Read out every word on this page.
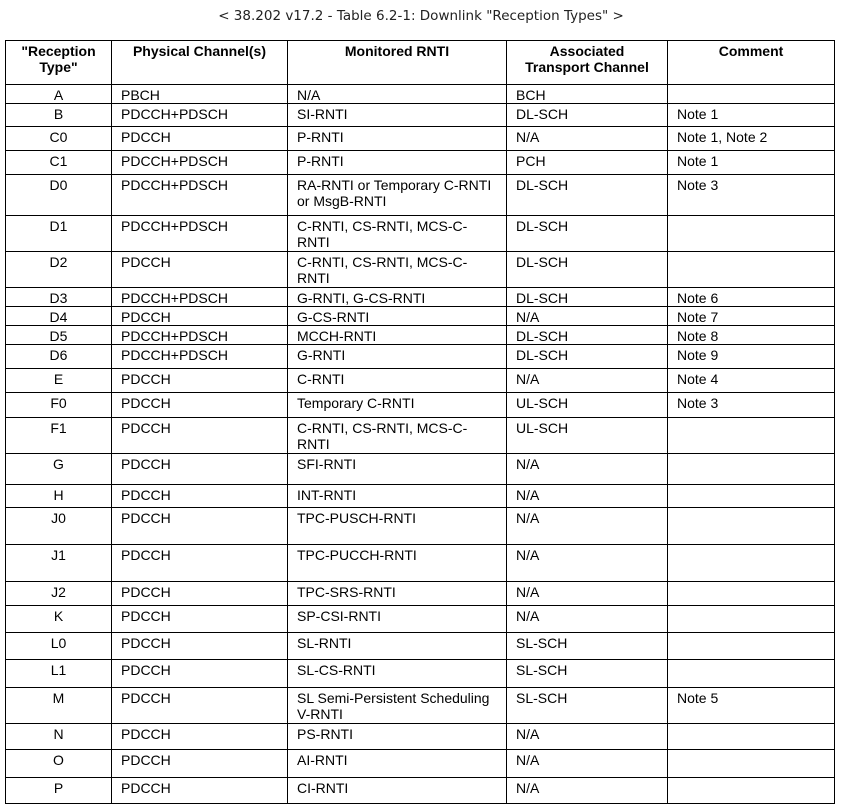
< 38.202 v17.2 - Table 6.2-1: Downlink "Reception Types" >
"Reception Type"	Physical Channel(s)	Monitored RNTI	Associated Transport Channel	Comment
A	PBCH	N/A	BCH	
B	PDCCH+PDSCH	SI-RNTI	DL-SCH	Note 1
C0	PDCCH	P-RNTI	N/A	Note 1, Note 2
C1	PDCCH+PDSCH	P-RNTI	PCH	Note 1
D0	PDCCH+PDSCH	RA-RNTI or Temporary C-RNTI or MsgB-RNTI	DL-SCH	Note 3
D1	PDCCH+PDSCH	C-RNTI, CS-RNTI, MCS-C-RNTI	DL-SCH	
D2	PDCCH	C-RNTI, CS-RNTI, MCS-C-RNTI	DL-SCH	
D3	PDCCH+PDSCH	G-RNTI, G-CS-RNTI	DL-SCH	Note 6
D4	PDCCH	G-CS-RNTI	N/A	Note 7
D5	PDCCH+PDSCH	MCCH-RNTI	DL-SCH	Note 8
D6	PDCCH+PDSCH	G-RNTI	DL-SCH	Note 9
E	PDCCH	C-RNTI	N/A	Note 4
F0	PDCCH	Temporary C-RNTI	UL-SCH	Note 3
F1	PDCCH	C-RNTI, CS-RNTI, MCS-C-RNTI	UL-SCH	
G	PDCCH	SFI-RNTI	N/A	
H	PDCCH	INT-RNTI	N/A	
J0	PDCCH	TPC-PUSCH-RNTI	N/A	
J1	PDCCH	TPC-PUCCH-RNTI	N/A	
J2	PDCCH	TPC-SRS-RNTI	N/A	
K	PDCCH	SP-CSI-RNTI	N/A	
L0	PDCCH	SL-RNTI	SL-SCH	
L1	PDCCH	SL-CS-RNTI	SL-SCH	
M	PDCCH	SL Semi-Persistent Scheduling V-RNTI	SL-SCH	Note 5
N	PDCCH	PS-RNTI	N/A	
O	PDCCH	AI-RNTI	N/A	
P	PDCCH	CI-RNTI	N/A	
